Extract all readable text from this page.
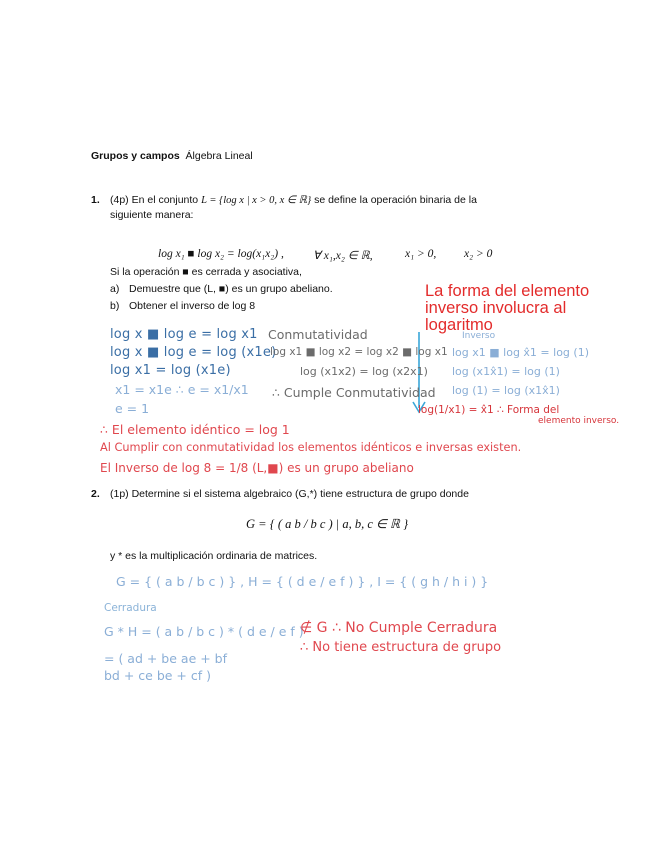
Grupos y campos Álgebra Lineal
1. (4p) En el conjunto L = {log x | x > 0, x ∈ ℝ} se define la operación binaria de la
siguiente manera:
log x₁ ■ log x₂ = log(x₁x₂) ,	∀ x₁,x₂ ∈ ℝ,	x₁ > 0, x₂ > 0
Si la operación ■ es cerrada y asociativa,
a) Demuestre que (L, ■) es un grupo abeliano.
b) Obtener el inverso de log 8
La forma del elemento
inverso involucra al
logaritmo
log x ■ log e = log x1
log x ■ log e = log (x1e)
log x1 = log (x1e)
x1 = x1e ∴ e = x1/x1
e = 1
Conmutatividad
log x1 ■ log x2 = log x2 ■ log x1
log (x1x2) = log (x2x1)
∴ Cumple Conmutatividad
Inverso
log x1 ■ log x̂1 = log (1)
log (x1x̂1) = log (1)
log (1) = log (x1x̂1)
log(1/x1) = x̂1 ∴ Forma del
elemento inverso.
∴ El elemento idéntico = log 1
Al Cumplir con conmutatividad los elementos idénticos e inversas existen.
El Inverso de log 8 = 1/8 (L,■) es un grupo abeliano
2. (1p) Determine si el sistema algebraico (G,*) tiene estructura de grupo donde
G = { ( a b / b c ) | a, b, c ∈ ℝ }
y * es la multiplicación ordinaria de matrices.
G = { ( a b / b c ) } , H = { ( d e / e f ) } , I = { ( g h / h i ) }
Cerradura
G * H = ( a b / b c ) * ( d e / e f )
= ( ad + be ae + bf
bd + ce be + cf )
∉ G ∴ No Cumple Cerradura
∴ No tiene estructura de grupo
